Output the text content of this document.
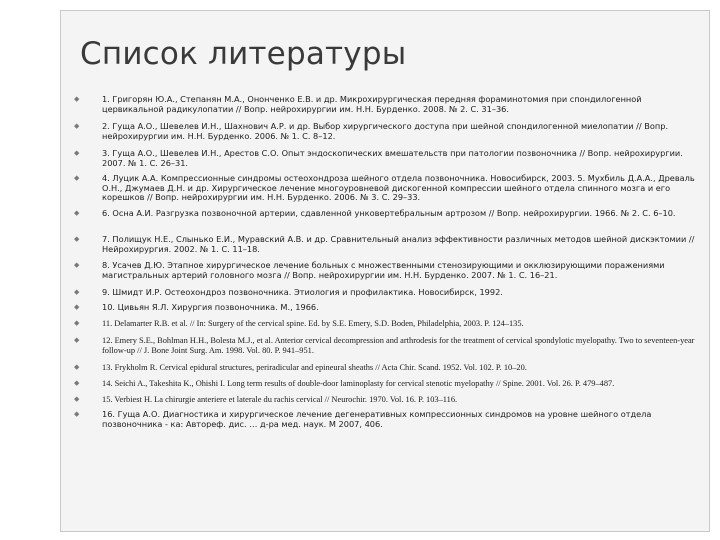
Список литературы
◆	1. Григорян Ю.А., Степанян М.А., Ононченко Е.В. и др. Микрохирургическая передняя фораминотомия при спондилогенной цервикальной радикулопатии // Вопр. нейрохирургии им. Н.Н. Бурденко. 2008. № 2. С. 31–36.
◆	2. Гуща А.О., Шевелев И.Н., Шахнович А.Р. и др. Выбор хирургического доступа при шейной спондилогенной миелопатии // Вопр. нейрохирургии им. Н.Н. Бурденко. 2006. № 1. С. 8–12.
◆	3. Гуща А.О., Шевелев И.Н., Арестов С.О. Опыт эндоскопических вмешательств при патологии позвоночника // Вопр. нейрохирургии. 2007. № 1. С. 26–31.
◆	4. Луцик А.А. Компрессионные синдромы остеохондроза шейного отдела позвоночника. Новосибирск, 2003. 5. Мухбиль Д.А.А., Древаль О.Н., Джумаев Д.Н. и др. Хирургическое лечение многоуровневой дискогенной компрессии шейного отдела спинного мозга и его корешков // Вопр. нейрохирургии им. Н.Н. Бурденко. 2006. № 3. С. 29–33.
◆	6. Осна А.И. Разгрузка позвоночной артерии, сдавленной унковертебральным артрозом // Вопр. нейрохирургии. 1966. № 2. С. 6–10.
◆	7. Полищук Н.Е., Слынько Е.И., Муравский А.В. и др. Сравнительный анализ эффективности различных методов шейной дискэктомии // Нейрохирургия. 2002. № 1. С. 11–18.
◆	8. Усачев Д.Ю. Этапное хирургическое лечение больных с множественными стенозирующими и окклюзирующими поражениями магистральных артерий головного мозга // Вопр. нейрохирургии им. Н.Н. Бурденко. 2007. № 1. С. 16–21.
◆	9. Шмидт И.Р. Остеохондроз позвоночника. Этиология и профилактика. Новосибирск, 1992.
◆	10. Цивьян Я.Л. Хирургия позвоночника. М., 1966.
◆	11. Delamarter R.B. et al. // In: Surgery of the cervical spine. Ed. by S.E. Emery, S.D. Boden, Philadelphia, 2003. P. 124–135.
◆	12. Emery S.E., Bohlman H.H., Bolesta M.J., et al. Anterior cervical decompression and arthrodesis for the treatment of cervical spondylotic myelopathy. Two to seventeen-year follow-up // J. Bone Joint Surg. Am. 1998. Vol. 80. P. 941–951.
◆	13. Frykholm R. Cervical epidural structures, periradicular and epineural sheaths // Acta Chir. Scand. 1952. Vol. 102. P. 10–20.
◆	14. Seichi A., Takeshita K., Ohishi I. Long term results of double-door laminoplasty for cervical stenotic myelopathy // Spine. 2001. Vol. 26. P. 479–487.
◆	15. Verbiest H. La chirurgie anteriere et laterale du rachis cervical // Neurochir. 1970. Vol. 16. P. 103–116.
◆	16. Гуща А.О. Диагностика и хирургическое лечение дегенеративных компрессионных синдромов на уровне шейного отдела позвоночника - ка: Автореф. дис. … д-ра мед. наук. М 2007, 406.
